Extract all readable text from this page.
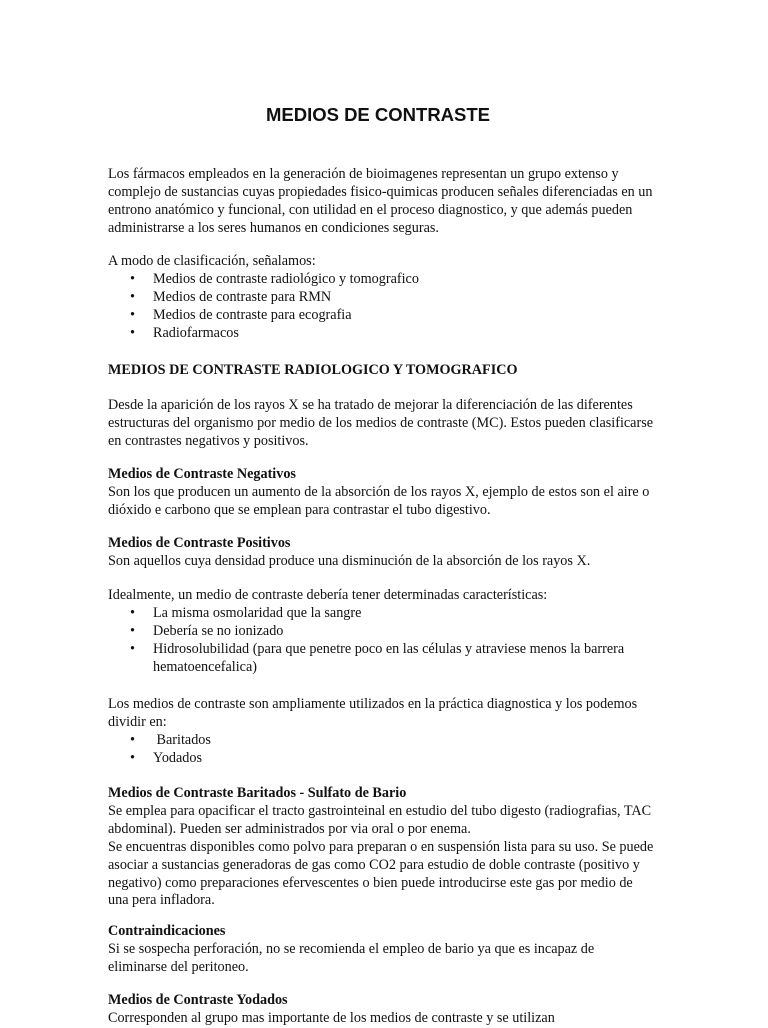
MEDIOS DE CONTRASTE

Los fármacos empleados en la generación de bioimagenes representan un grupo extenso y complejo de sustancias cuyas propiedades fisico-quimicas producen señales diferenciadas en un entrono anatómico y funcional, con utilidad en el proceso diagnostico, y que además pueden administrarse a los seres humanos en condiciones seguras.

A modo de clasificación, señalamos:

• Medios de contraste radiológico y tomografico
• Medios de contraste para RMN
• Medios de contraste para ecografia
• Radiofarmacos

MEDIOS DE CONTRASTE RADIOLOGICO Y TOMOGRAFICO

Desde la aparición de los rayos X se ha tratado de mejorar la diferenciación de las diferentes estructuras del organismo por medio de los medios de contraste (MC). Estos pueden clasificarse en contrastes negativos y positivos.

Medios de Contraste Negativos

Son los que producen un aumento de la absorción de los rayos X, ejemplo de estos son el aire o dióxido e carbono que se emplean para contrastar el tubo digestivo.

Medios de Contraste Positivos

Son aquellos cuya densidad produce una disminución de la absorción de los rayos X.

Idealmente, un medio de contraste debería tener determinadas características:

• La misma osmolaridad que la sangre
• Debería se no ionizado
• Hidrosolubilidad (para que penetre poco en las células y atraviese menos la barrera hematoencefalica)

Los medios de contraste son ampliamente utilizados en la práctica diagnostica y los podemos dividir en:

• Baritados
• Yodados
Medios de Contraste Baritados - Sulfato de Bario

Se emplea para opacificar el tracto gastrointeinal en estudio del tubo digesto (radiografias, TAC abdominal). Pueden ser administrados por via oral o por enema.

Se encuentras disponibles como polvo para preparan o en suspensión lista para su uso. Se puede asociar a sustancias generadoras de gas como CO2 para estudio de doble contraste (positivo y negativo) como preparaciones efervescentes o bien puede introducirse este gas por medio de una pera infladora.

Contraindicaciones

Si se sospecha perforación, no se recomienda el empleo de bario ya que es incapaz de eliminarse del peritoneo.

Medios de Contraste Yodados

Corresponden al grupo mas importante de los medios de contraste y se utilizan
